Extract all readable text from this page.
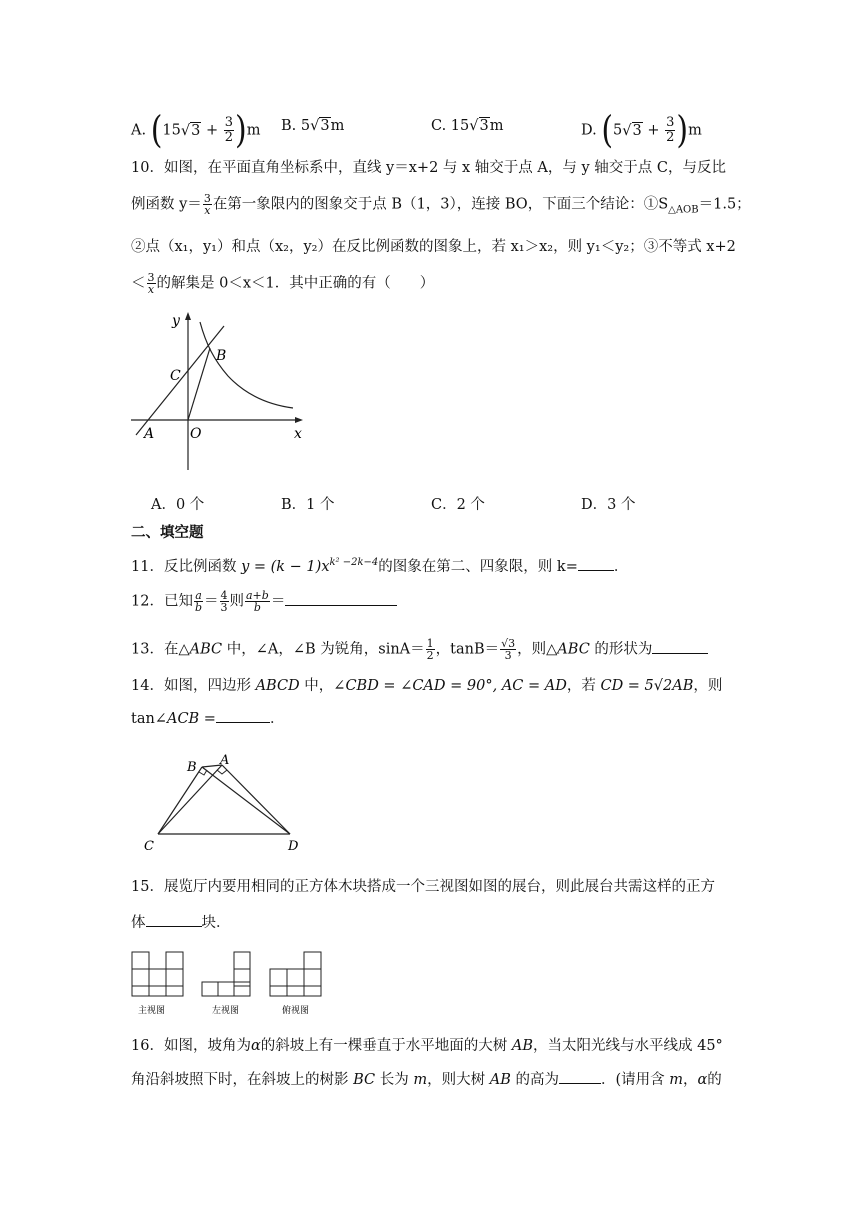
A. $(15√3 + \frac{3}{2} )m$ B. 5√3m	C. 15√3m	D. $(5√3 + \frac{3}{2} )m$
10．如图，在平面直角坐标系中，直线 y＝x+2 与 x 轴交于点 A，与 y 轴交于点 C，与反比
例函数 $y= \frac{3}{x}$ 在第一象限内的图象交于点 B（1，3），连接 BO，下面三个结论：$①S_{\triangle AOB}=1.5$；
②点（x₁，y₁）和点（x₂，y₂）在反比例函数的图象上，若 x₁＞x₂，则 y₁＜y₂；③不等式 x+2
＜ $\frac{3}{x}$ 的解集是 0＜x＜1．其中正确的有（　　）
y
x
C
B
A	O
A．0 个	B．1 个	C．2 个	D．3 个
二、填空题
11．反比例函数 $y = (k - 1)x^{k^2 -2k-4}$的图象在第二、四象限，则 k= ．
12．已知 $\frac{a}{b} = \frac{4}{3}$ 则 $\frac{a+b}{b}$ ＝
13．在△ABC 中，∠A，∠B 为锐角，$\sin A= \frac{1}{2}$ ，$\tan B= \frac{√3}{3}$ ，则△ABC 的形状为
14．如图，四边形 ABCD 中，∠CBD = ∠CAD = 90°, AC = AD，若 CD = 5√2AB，则
tan∠ACB =	．
B A
C	D
15．展览厅内要用相同的正方体木块搭成一个三视图如图的展台，则此展台共需这样的正方
体	块．
主视图	左视图	俯视图
16．如图，坡角为α的斜坡上有一棵垂直于水平地面的大树 AB，当太阳光线与水平线成 45°
角沿斜坡照下时，在斜坡上的树影 BC 长为 m，则大树 AB 的高为	．(请用含 m，α的
